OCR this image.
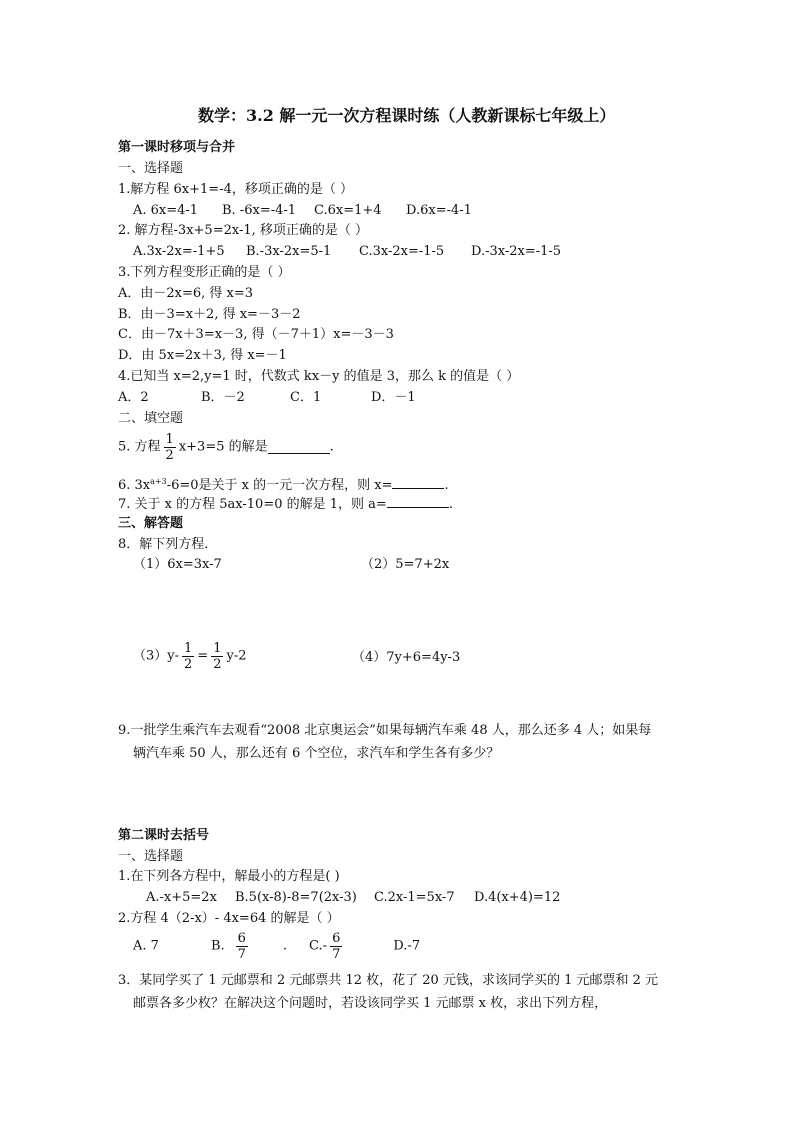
数学：3.2 解一元一次方程课时练（人教新课标七年级上）
第一课时移项与合并
一、选择题
1.解方程 6x+1=-4，移项正确的是（ ）
A. 6x=4-1 B. -6x=-4-1 C.6x=1+4 D.6x=-4-1
2. 解方程-3x+5=2x-1, 移项正确的是（ ）
A.3x-2x=-1+5 B.-3x-2x=5-1 C.3x-2x=-1-5 D.-3x-2x=-1-5
3.下列方程变形正确的是（ ）
A．由－2x=6, 得 x=3
B．由－3=x＋2, 得 x=－3－2
C．由－7x＋3=x－3, 得（－7＋1）x=－3－3
D．由 5x=2x＋3, 得 x=－1
4.已知当 x=2,y=1 时，代数式 kx－y 的值是 3，那么 k 的值是（ ）
A．2	B．－2	C．1	D．－1
二、填空题
5. 方程 $\frac{1}{2} x+3=5$ 的解是	.
6. $3x^{a+3}-6=0$是关于 x 的一元一次方程，则 x=	.
7. 关于 x 的方程 5ax-10=0 的解是 1，则 a=	.
三、解答题
8．解下列方程．
（1）6x=3x-7	（2）5=7+2x
$(3)y- \frac{1}{2} = \frac{1}{2} y-2$	（4）7y+6=4y-3
9.一批学生乘汽车去观看“2008 北京奥运会”如果每辆汽车乘 48 人，那么还多 4 人；如果每
辆汽车乘 50 人，那么还有 6 个空位，求汽车和学生各有多少？
第二课时去括号
一、选择题
1.在下列各方程中，解最小的方程是( )
A.-x+5=2x B.5(x-8)-8=7(2x-3) C.2x-1=5x-7 D.4(x+4)=12
2.方程 4（2-x）- 4x=64 的解是（ ）
A. 7	B. $\frac{6}{7}$	. $C.- \frac{6}{7}$	D.-7
3．某同学买了 1 元邮票和 2 元邮票共 12 枚，花了 20 元钱，求该同学买的 1 元邮票和 2 元
邮票各多少枚？在解决这个问题时，若设该同学买 1 元邮票 x 枚，求出下列方程，
